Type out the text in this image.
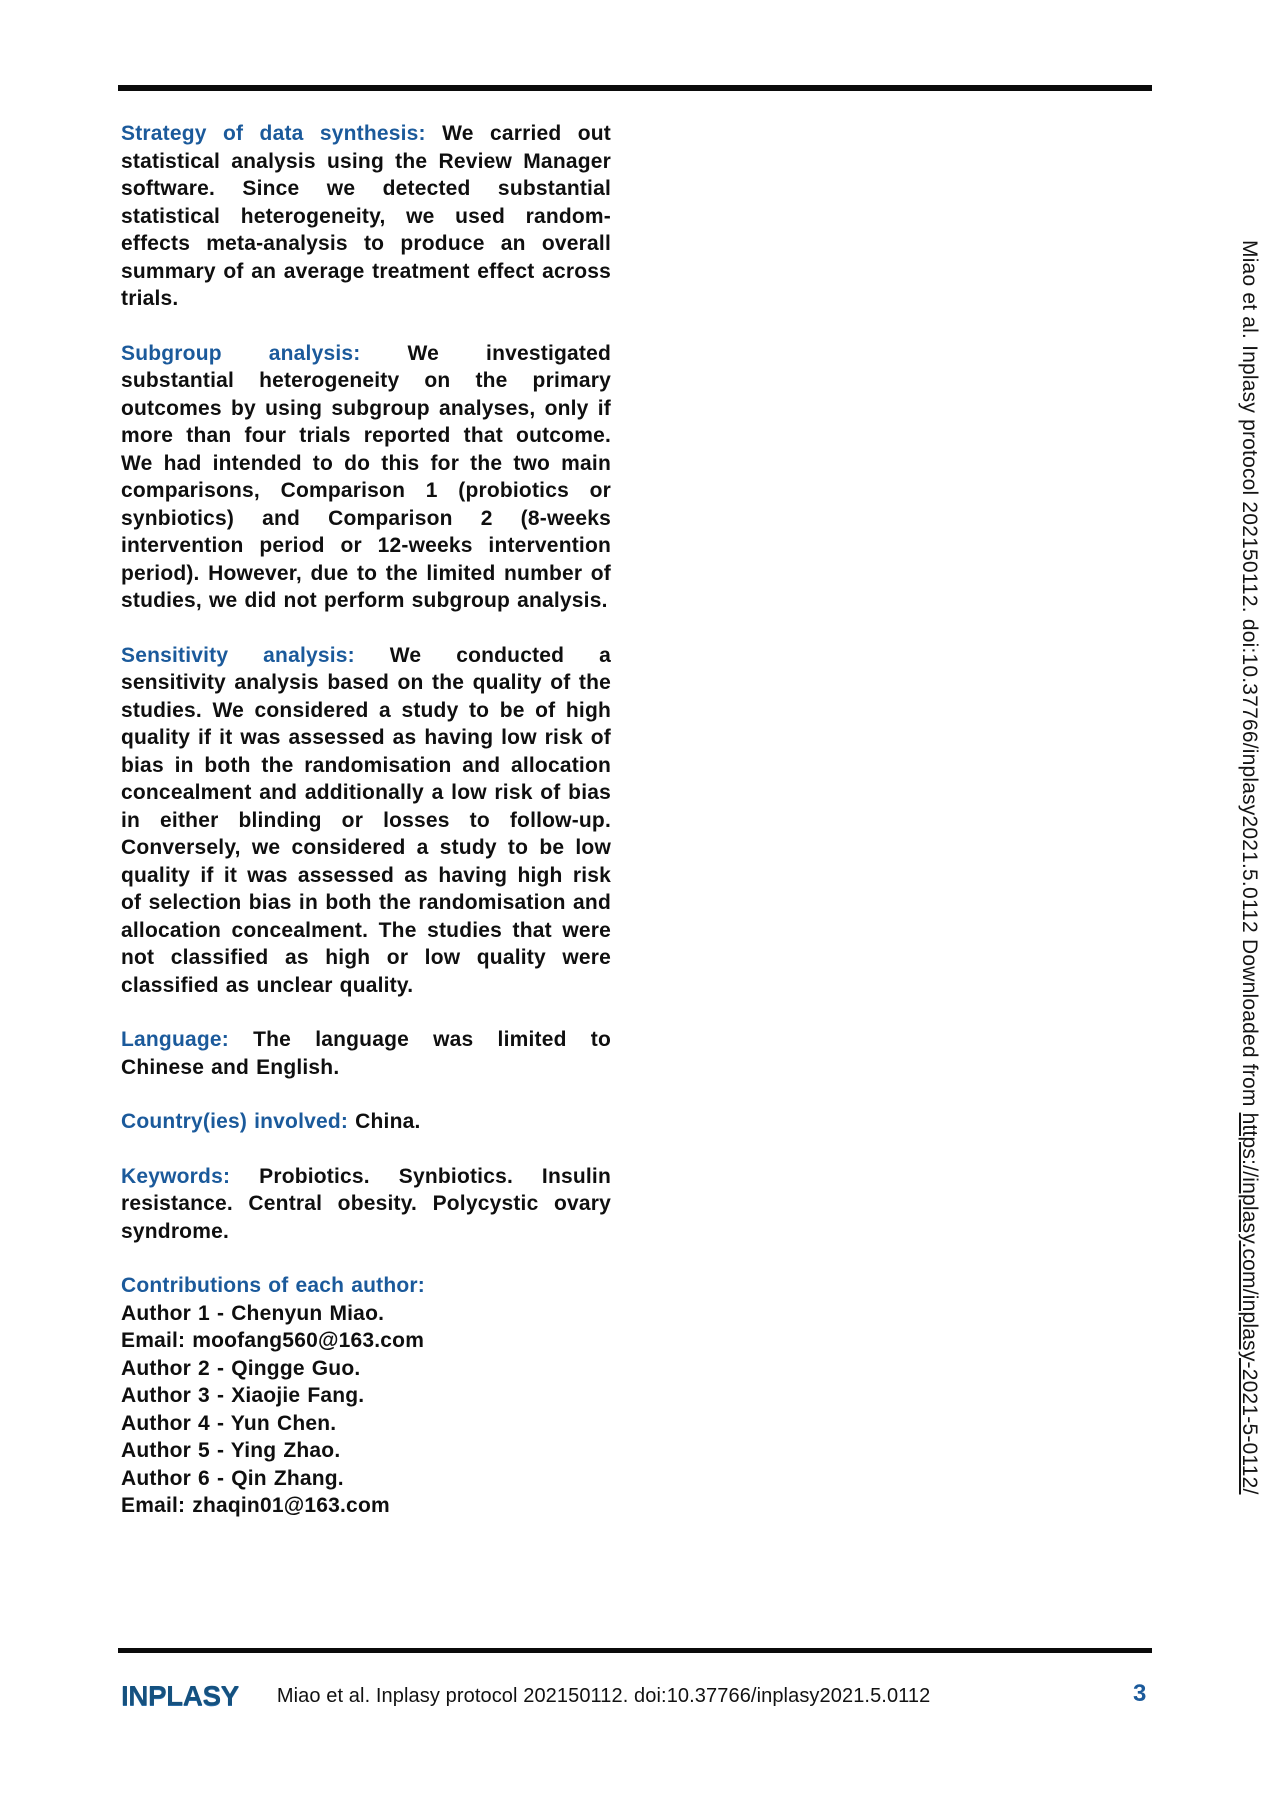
Strategy of data synthesis: We carried out statistical analysis using the Review Manager software. Since we detected substantial statistical heterogeneity, we used random-effects meta-analysis to produce an overall summary of an average treatment effect across trials.

Subgroup analysis: We investigated substantial heterogeneity on the primary outcomes by using subgroup analyses, only if more than four trials reported that outcome. We had intended to do this for the two main comparisons, Comparison 1 (probiotics or synbiotics) and Comparison 2 (8-weeks intervention period or 12-weeks intervention period). However, due to the limited number of studies, we did not perform subgroup analysis.

Sensitivity analysis: We conducted a sensitivity analysis based on the quality of the studies. We considered a study to be of high quality if it was assessed as having low risk of bias in both the randomisation and allocation concealment and additionally a low risk of bias in either blinding or losses to follow-up. Conversely, we considered a study to be low quality if it was assessed as having high risk of selection bias in both the randomisation and allocation concealment. The studies that were not classified as high or low quality were classified as unclear quality.

Language: The language was limited to Chinese and English.

Country(ies) involved: China.

Keywords: Probiotics. Synbiotics. Insulin resistance. Central obesity. Polycystic ovary syndrome.

Contributions of each author:
Author 1 - Chenyun Miao.
Email: moofang560@163.com
Author 2 - Qingge Guo.
Author 3 - Xiaojie Fang.
Author 4 - Yun Chen.
Author 5 - Ying Zhao.
Author 6 - Qin Zhang.
Email: zhaqin01@163.com

Miao et al. Inplasy protocol 202150112. doi:10.37766/inplasy2021.5.0112 Downloaded from https://inplasy.com/inplasy-2021-5-0112/
INPLASY Miao et al. Inplasy protocol 202150112. doi:10.37766/inplasy2021.5.0112	3
